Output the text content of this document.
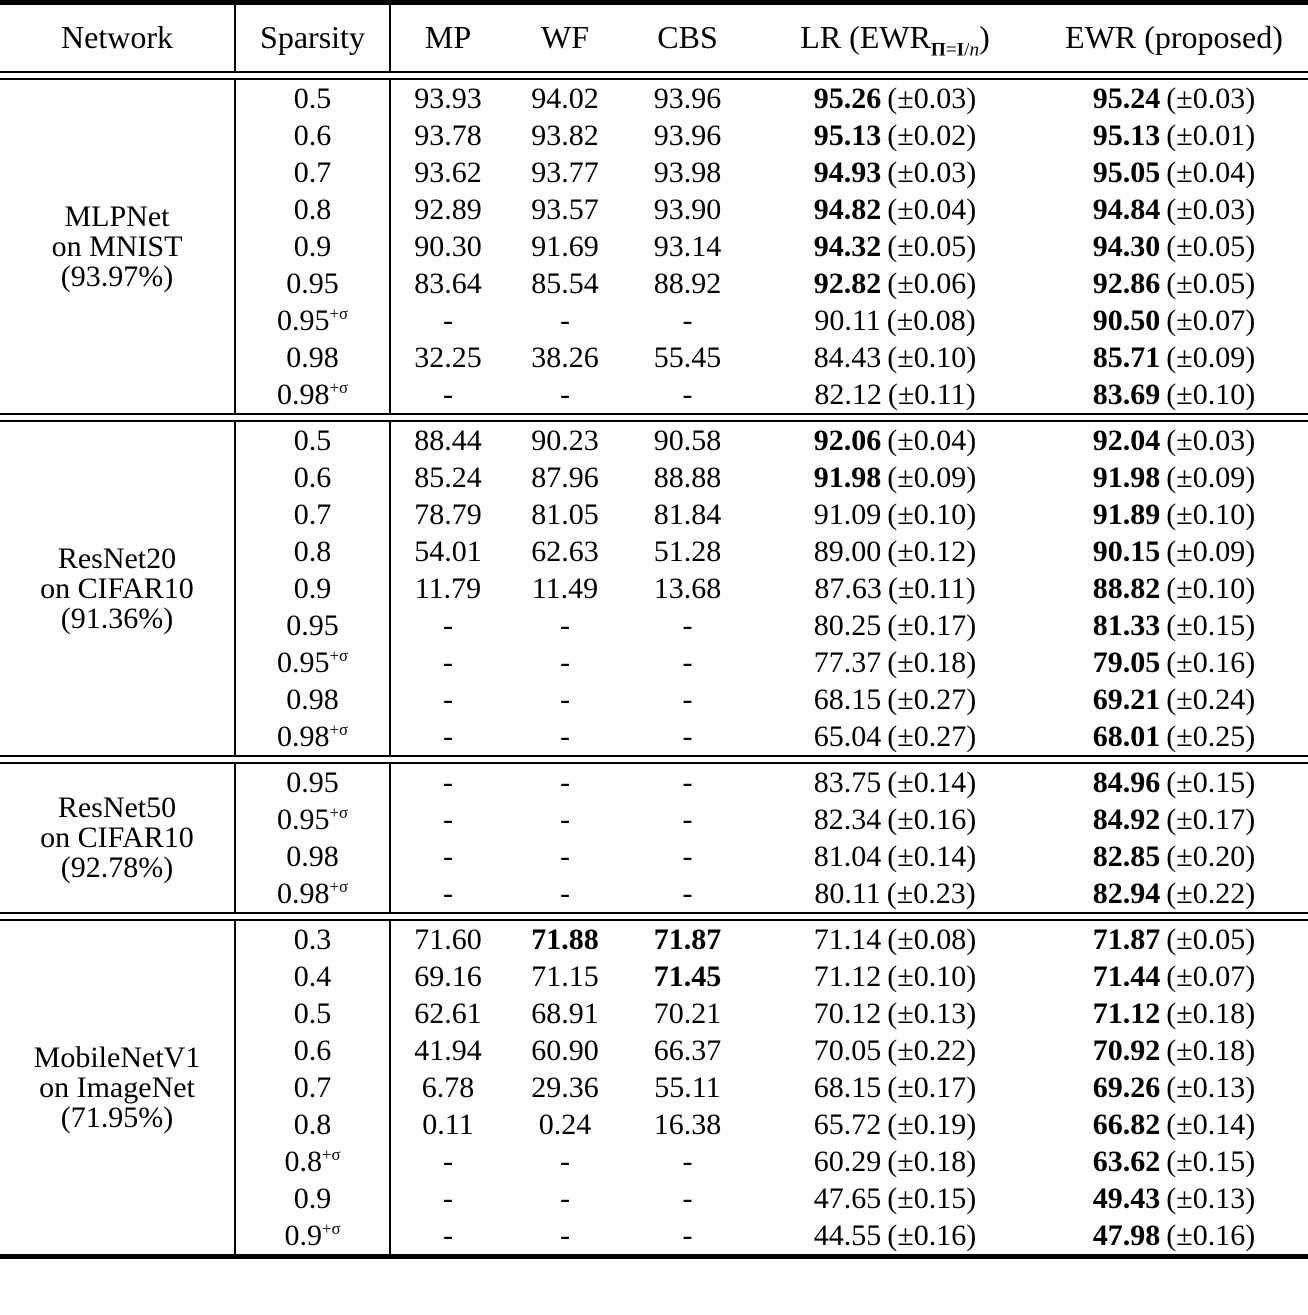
Network	Sparsity	MP	WF	CBS	LR $(EWR_{\Pi=I/n})$	EWR (proposed)

MLPNet
on MNIST
(93.97%)	0.5	93.93	94.02	93.96	95.26  (±0.03)	95.24  (±0.03)
	0.6	93.78	93.82	93.96	95.13  (±0.02)	95.13  (±0.01)
	0.7	93.62	93.77	93.98	94.93  (±0.03)	95.05  (±0.04)
	0.8	92.89	93.57	93.90	94.82  (±0.04)	94.84  (±0.03)
	0.9	90.30	91.69	93.14	94.32  (±0.05)	94.30  (±0.05)
	0.95	83.64	85.54	88.92	92.82  (±0.06)	92.86  (±0.05)
	$0.95^{+\sigma}$	-	-	-	90.11  (±0.08)	90.50  (±0.07)
	0.98	32.25	38.26	55.45	84.43  (±0.10)	85.71  (±0.09)
	$0.98^{+\sigma}$	-	-	-	82.12  (±0.11)	83.69  (±0.10)

ResNet20
on CIFAR10
(91.36%)	0.5	88.44	90.23	90.58	92.06  (±0.04)	92.04  (±0.03)
	0.6	85.24	87.96	88.88	91.98  (±0.09)	91.98  (±0.09)
	0.7	78.79	81.05	81.84	91.09  (±0.10)	91.89  (±0.10)
	0.8	54.01	62.63	51.28	89.00  (±0.12)	90.15  (±0.09)
	0.9	11.79	11.49	13.68	87.63  (±0.11)	88.82  (±0.10)
	0.95	-	-	-	80.25  (±0.17)	81.33  (±0.15)
	$0.95^{+\sigma}$	-	-	-	77.37  (±0.18)	79.05  (±0.16)
	0.98	-	-	-	68.15  (±0.27)	69.21  (±0.24)
	$0.98^{+\sigma}$	-	-	-	65.04  (±0.27)	68.01  (±0.25)

ResNet50
on CIFAR10
(92.78%)	0.95	-	-	-	83.75  (±0.14)	84.96  (±0.15)
	$0.95^{+\sigma}$	-	-	-	82.34  (±0.16)	84.92  (±0.17)
	0.98	-	-	-	81.04  (±0.14)	82.85  (±0.20)
	$0.98^{+\sigma}$	-	-	-	80.11  (±0.23)	82.94  (±0.22)

MobileNetV1
on ImageNet
(71.95%)	0.3	71.60	71.88	71.87	71.14  (±0.08)	71.87  (±0.05)
	0.4	69.16	71.15	71.45	71.12  (±0.10)	71.44  (±0.07)
	0.5	62.61	68.91	70.21	70.12  (±0.13)	71.12  (±0.18)
	0.6	41.94	60.90	66.37	70.05  (±0.22)	70.92  (±0.18)
	0.7	6.78	29.36	55.11	68.15  (±0.17)	69.26  (±0.13)
	0.8	0.11	0.24	16.38	65.72  (±0.19)	66.82  (±0.14)
	$0.8^{+\sigma}$	-	-	-	60.29  (±0.18)	63.62  (±0.15)
	0.9	-	-	-	47.65  (±0.15)	49.43  (±0.13)
	$0.9^{+\sigma}$	-	-	-	44.55  (±0.16)	47.98  (±0.16)
